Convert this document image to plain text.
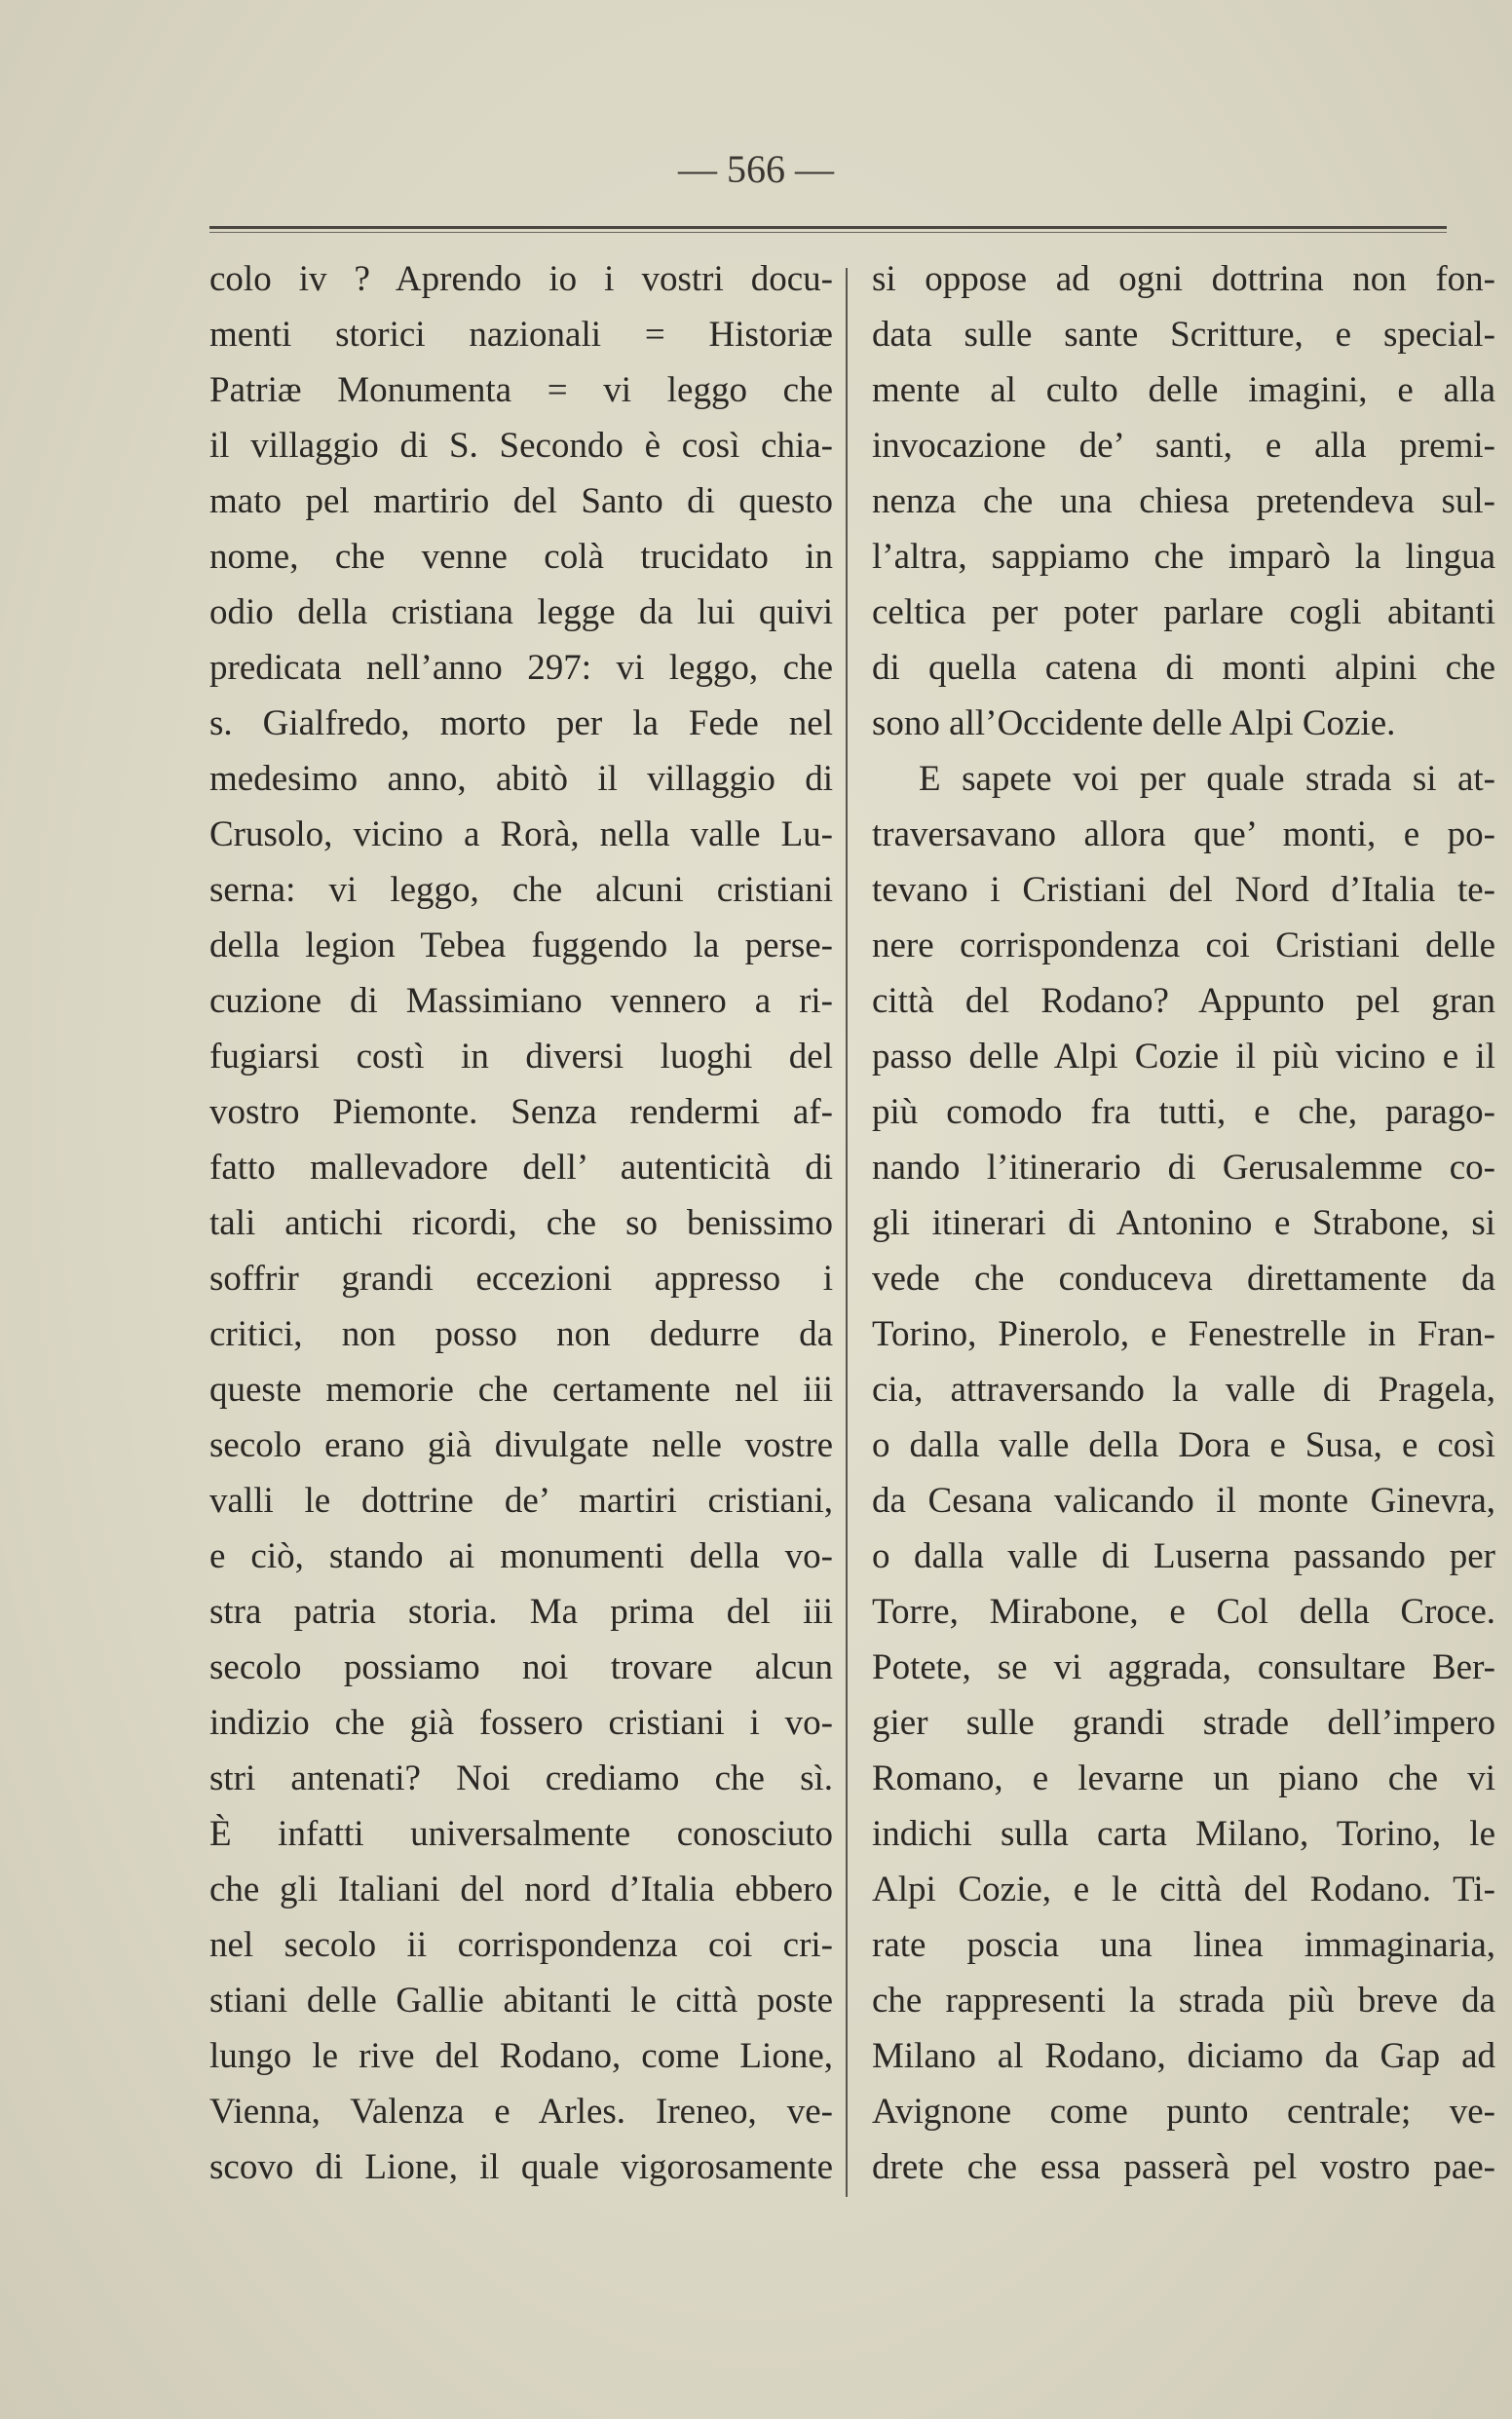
— 566 —
colo iv ? Aprendo io i vostri docu-
menti storici nazionali = Historiæ
Patriæ Monumenta = vi leggo che
il villaggio di S. Secondo è così chia-
mato pel martirio del Santo di questo
nome, che venne colà trucidato in
odio della cristiana legge da lui quivi
predicata nell’anno 297: vi leggo, che
s. Gialfredo, morto per la Fede nel
medesimo anno, abitò il villaggio di
Crusolo, vicino a Rorà, nella valle Lu-
serna: vi leggo, che alcuni cristiani
della legion Tebea fuggendo la perse-
cuzione di Massimiano vennero a ri-
fugiarsi costì in diversi luoghi del
vostro Piemonte. Senza rendermi af-
fatto mallevadore dell’ autenticità di
tali antichi ricordi, che so benissimo
soffrir grandi eccezioni appresso i
critici, non posso non dedurre da
queste memorie che certamente nel iii
secolo erano già divulgate nelle vostre
valli le dottrine de’ martiri cristiani,
e ciò, stando ai monumenti della vo-
stra patria storia. Ma prima del iii
secolo possiamo noi trovare alcun
indizio che già fossero cristiani i vo-
stri antenati? Noi crediamo che sì.
È infatti universalmente conosciuto
che gli Italiani del nord d’Italia ebbero
nel secolo ii corrispondenza coi cri-
stiani delle Gallie abitanti le città poste
lungo le rive del Rodano, come Lione,
Vienna, Valenza e Arles. Ireneo, ve-
scovo di Lione, il quale vigorosamente
si oppose ad ogni dottrina non fon-
data sulle sante Scritture, e special-
mente al culto delle imagini, e alla
invocazione de’ santi, e alla premi-
nenza che una chiesa pretendeva sul-
l’altra, sappiamo che imparò la lingua
celtica per poter parlare cogli abitanti
di quella catena di monti alpini che
sono all’Occidente delle Alpi Cozie.
E sapete voi per quale strada si at-
traversavano allora que’ monti, e po-
tevano i Cristiani del Nord d’Italia te-
nere corrispondenza coi Cristiani delle
città del Rodano? Appunto pel gran
passo delle Alpi Cozie il più vicino e il
più comodo fra tutti, e che, parago-
nando l’itinerario di Gerusalemme co-
gli itinerari di Antonino e Strabone, si
vede che conduceva direttamente da
Torino, Pinerolo, e Fenestrelle in Fran-
cia, attraversando la valle di Pragela,
o dalla valle della Dora e Susa, e così
da Cesana valicando il monte Ginevra,
o dalla valle di Luserna passando per
Torre, Mirabone, e Col della Croce.
Potete, se vi aggrada, consultare Ber-
gier sulle grandi strade dell’impero
Romano, e levarne un piano che vi
indichi sulla carta Milano, Torino, le
Alpi Cozie, e le città del Rodano. Ti-
rate poscia una linea immaginaria,
che rappresenti la strada più breve da
Milano al Rodano, diciamo da Gap ad
Avignone come punto centrale; ve-
drete che essa passerà pel vostro pae-
